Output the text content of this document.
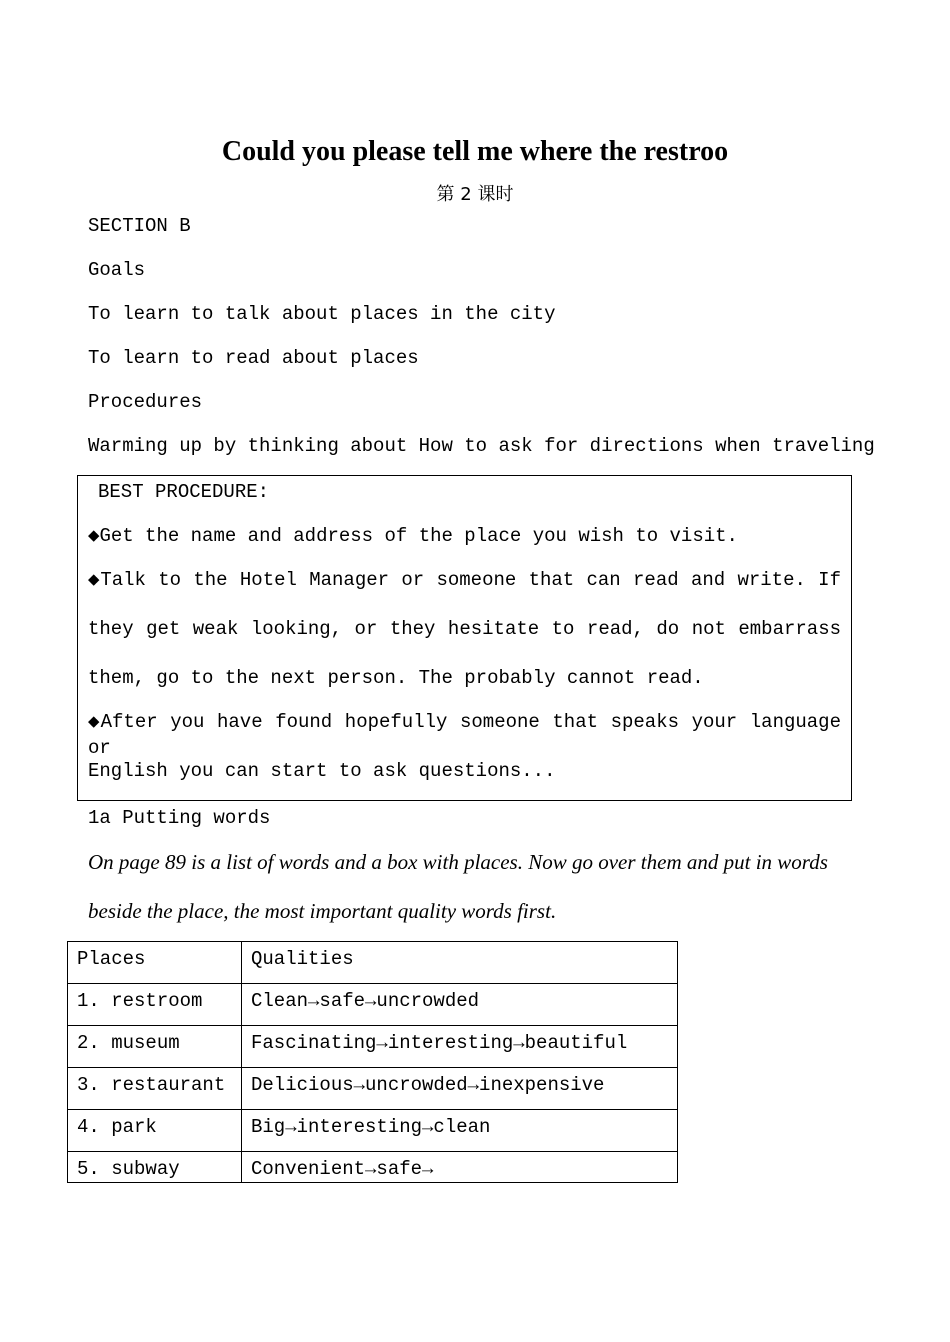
Could you please tell me where the restroo
第 2 课时
SECTION B
Goals
To learn to talk about places in the city
To learn to read about places
Procedures
Warming up by thinking about How to ask for directions when traveling
BEST PROCEDURE:
◆Get the name and address of the place you wish to visit.
◆Talk to the Hotel Manager or someone that can read and write. If
they get weak looking, or they hesitate to read, do not embarrass
them, go to the next person. The probably cannot read.
◆After you have found hopefully someone that speaks your language or
English you can start to ask questions...
1a Putting words
On page 89 is a list of words and a box with places. Now go over them and put in words
beside the place, the most important quality words first.
Places	Qualities
1. restroom	Clean→safe→uncrowded
2. museum	Fascinating→interesting→beautiful
3. restaurant	Delicious→uncrowded→inexpensive
4. park	Big→interesting→clean
5. subway	Convenient→safe→
